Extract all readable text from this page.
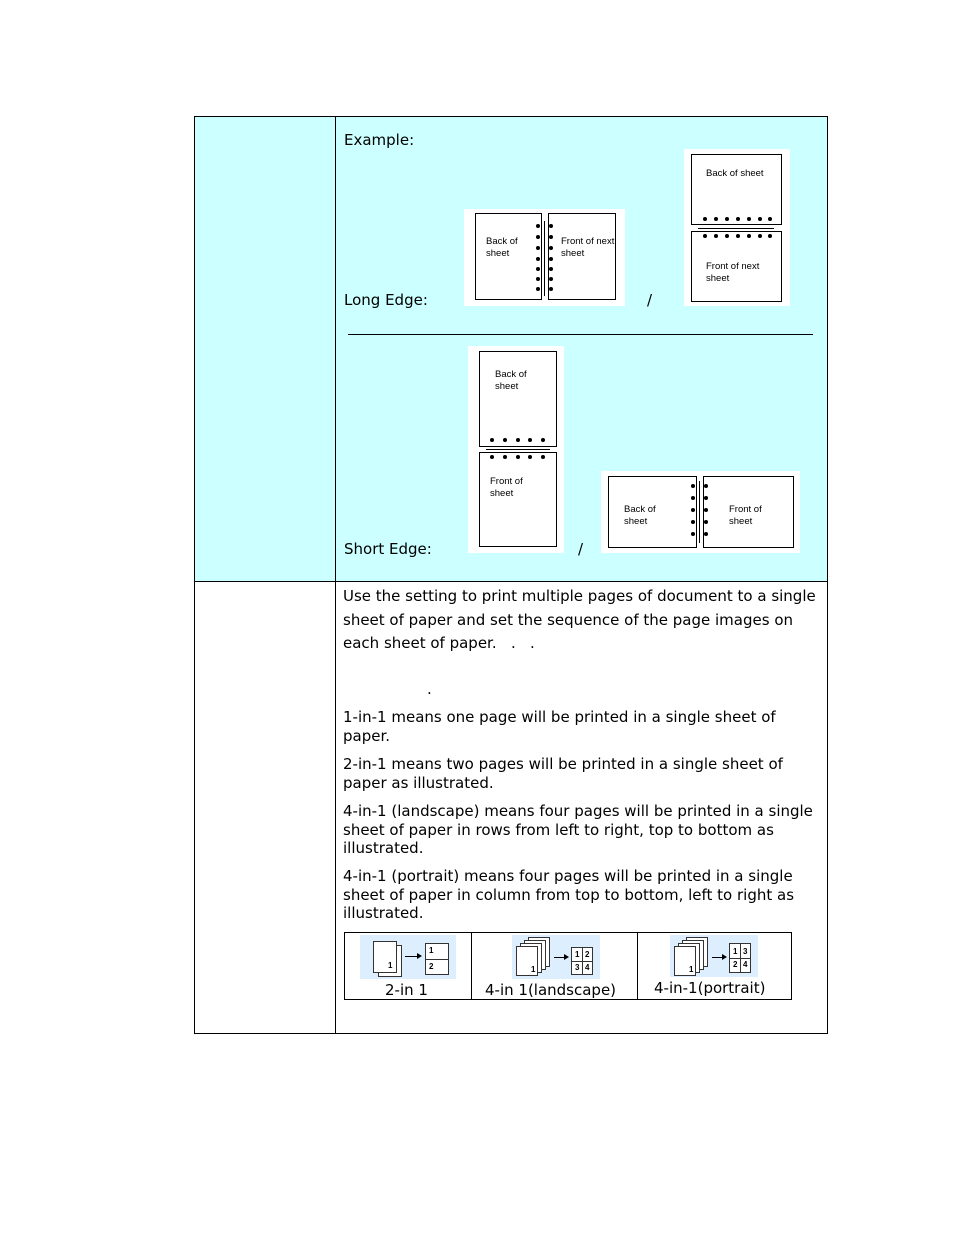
Example:
Long Edge:	/
Short Edge:	/
Back of
sheet
Front of next
sheet
Back of sheet
Front of next
sheet
Back of
sheet
Front of
sheet
Back of
sheet
Front of
sheet
Use the setting to print multiple pages of document to a single sheet of paper and set the sequence of the page images on each sheet of paper. .   .
.
1-in-1 means one page will be printed in a single sheet of paper.
2-in-1 means two pages will be printed in a single sheet of paper as illustrated.
4-in-1 (landscape) means four pages will be printed in a single sheet of paper in rows from left to right, top to bottom as illustrated.
4-in-1 (portrait) means four pages will be printed in a single sheet of paper in column from top to bottom, left to right as illustrated.
1
1
2
2-in 1
1
1 2
3 4
4-in 1(landscape)
1
1 3
2 4
4-in-1(portrait)
